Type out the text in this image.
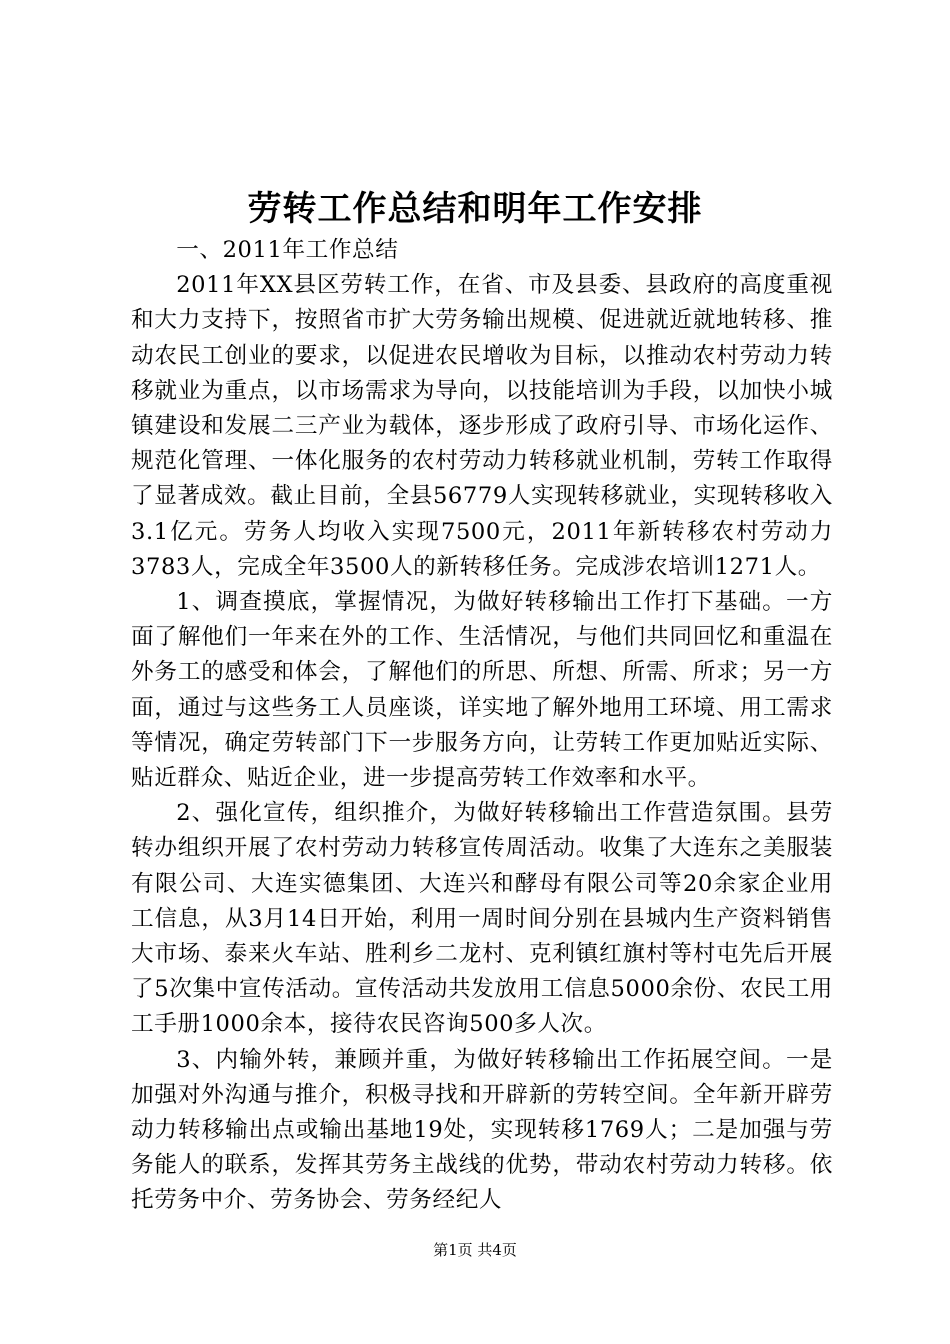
劳转工作总结和明年工作安排

一、2011年工作总结

2011年XX县区劳转工作，在省、市及县委、县政府的高度重视和大力支持下，按照省市扩大劳务输出规模、促进就近就地转移、推动农民工创业的要求，以促进农民增收为目标，以推动农村劳动力转移就业为重点，以市场需求为导向，以技能培训为手段，以加快小城镇建设和发展二三产业为载体，逐步形成了政府引导、市场化运作、规范化管理、一体化服务的农村劳动力转移就业机制，劳转工作取得了显著成效。截止目前，全县56779人实现转移就业，实现转移收入3.1亿元。劳务人均收入实现7500元，2011年新转移农村劳动力3783人，完成全年3500人的新转移任务。完成涉农培训1271人。

1、调查摸底，掌握情况，为做好转移输出工作打下基础。一方面了解他们一年来在外的工作、生活情况，与他们共同回忆和重温在外务工的感受和体会，了解他们的所思、所想、所需、所求；另一方面，通过与这些务工人员座谈，详实地了解外地用工环境、用工需求等情况，确定劳转部门下一步服务方向，让劳转工作更加贴近实际、贴近群众、贴近企业，进一步提高劳转工作效率和水平。

2、强化宣传，组织推介，为做好转移输出工作营造氛围。县劳转办组织开展了农村劳动力转移宣传周活动。收集了大连东之美服装有限公司、大连实德集团、大连兴和酵母有限公司等20余家企业用工信息，从3月14日开始，利用一周时间分别在县城内生产资料销售大市场、泰来火车站、胜利乡二龙村、克利镇红旗村等村屯先后开展了5次集中宣传活动。宣传活动共发放用工信息5000余份、农民工用工手册1000余本，接待农民咨询500多人次。

3、内输外转，兼顾并重，为做好转移输出工作拓展空间。一是加强对外沟通与推介，积极寻找和开辟新的劳转空间。全年新开辟劳动力转移输出点或输出基地19处，实现转移1769人；二是加强与劳务能人的联系，发挥其劳务主战线的优势，带动农村劳动力转移。依托劳务中介、劳务协会、劳务经纪人

第1页 共4页
